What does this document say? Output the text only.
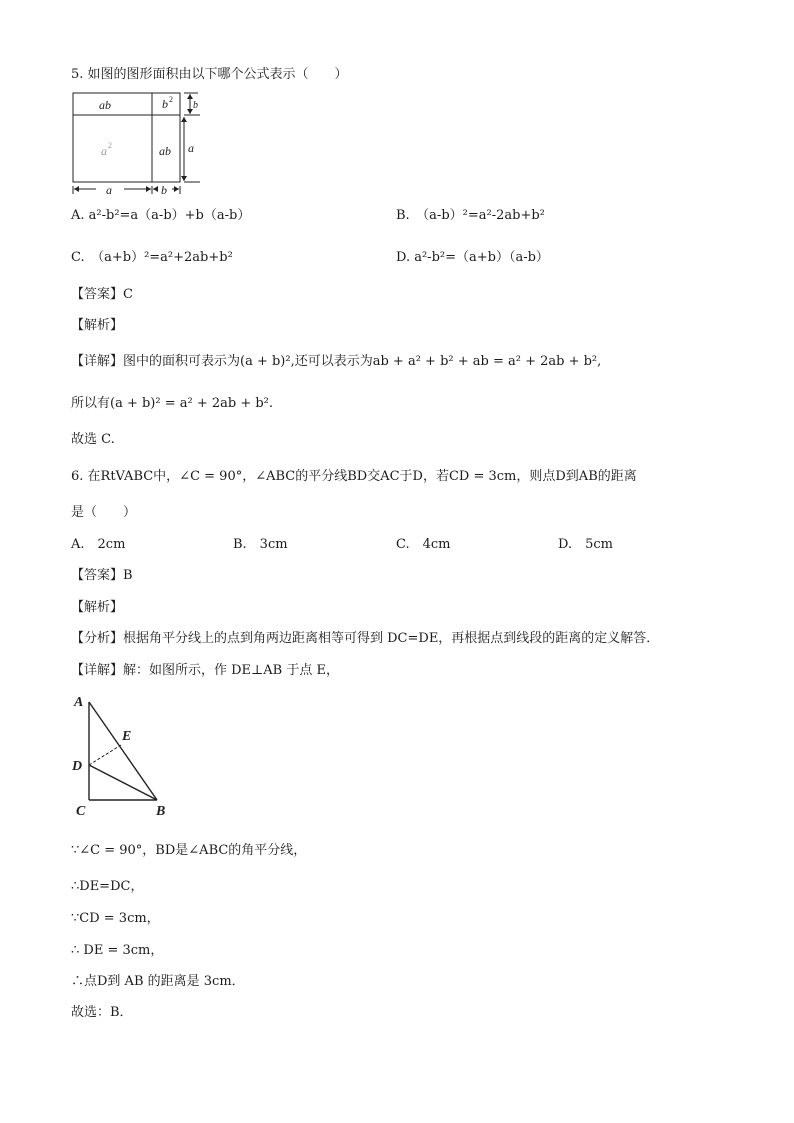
5. 如图的图形面积由以下哪个公式表示（　　）
ab	b 2
a 2	ab
b
a
a	b
A. a²-b²=a（a-b）+b（a-b）	B.　（a-b）²=a²-2ab+b²
C.　（a+b）²=a²+2ab+b²	D. a²-b²=（a+b）（a-b）
【答案】C
【解析】
【详解】图中的面积可表示为(a + b)²,还可以表示为ab + a² + b² + ab = a² + 2ab + b²,
所以有(a + b)² = a² + 2ab + b².
故选 C.
6. 在RtVABC中，∠C = 90°，∠ABC的平分线BD交AC于D，若CD = 3cm，则点D到AB的距离
是（　　）
A.　2cm	B.　3cm	C.　4cm	D.　5cm
【答案】B
【解析】
【分析】根据角平分线上的点到角两边距离相等可得到 DC=DE，再根据点到线段的距离的定义解答．
【详解】解：如图所示，作 DE⊥AB 于点 E，
A
E
D
C	B
∵∠C = 90°，BD是∠ABC的角平分线，
∴DE=DC，
∵CD = 3cm，
∴ DE = 3cm，
∴点D到 AB 的距离是 3cm．
故选：B．
